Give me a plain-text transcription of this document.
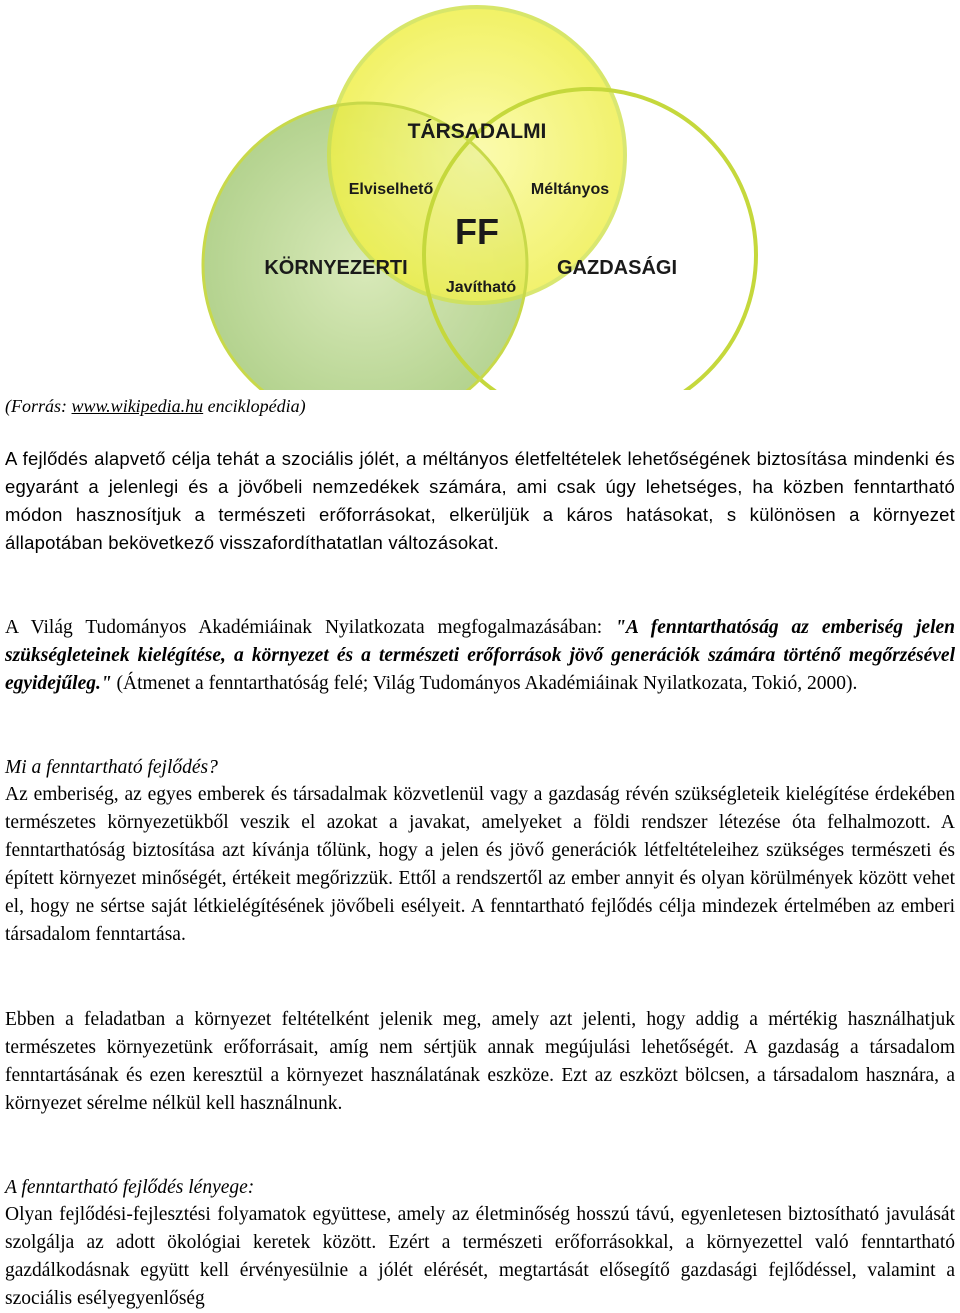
TÁRSADALMI
Elviselhető	Méltányos
FF
KÖRNYEZERTI	GAZDASÁGI
Javítható
(Forrás: www.wikipedia.hu enciklopédia)

A fejlődés alapvető célja tehát a szociális jólét, a méltányos életfeltételek lehetőségének biztosítása mindenki és egyaránt a jelenlegi és a jövőbeli nemzedékek számára, ami csak úgy lehetséges, ha közben fenntartható módon hasznosítjuk a természeti erőforrásokat, elkerüljük a káros hatásokat, s különösen a környezet állapotában bekövetkező visszafordíthatatlan változásokat.

A Világ Tudományos Akadémiáinak Nyilatkozata megfogalmazásában: "A fenntarthatóság az emberiség jelen szükségleteinek kielégítése, a környezet és a természeti erőforrások jövő generációk számára történő megőrzésével egyidejűleg." (Átmenet a fenntarthatóság felé; Világ Tudományos Akadémiáinak Nyilatkozata, Tokió, 2000).

Mi a fenntartható fejlődés?

Az emberiség, az egyes emberek és társadalmak közvetlenül vagy a gazdaság révén szükségleteik kielégítése érdekében természetes környezetükből veszik el azokat a javakat, amelyeket a földi rendszer létezése óta felhalmozott. A fenntarthatóság biztosítása azt kívánja tőlünk, hogy a jelen és jövő generációk létfeltételeihez szükséges természeti és épített környezet minőségét, értékeit megőrizzük. Ettől a rendszertől az ember annyit és olyan körülmények között vehet el, hogy ne sértse saját létkielégítésének jövőbeli esélyeit. A fenntartható fejlődés célja mindezek értelmében az emberi társadalom fenntartása.

Ebben a feladatban a környezet feltételként jelenik meg, amely azt jelenti, hogy addig a mértékig használhatjuk természetes környezetünk erőforrásait, amíg nem sértjük annak megújulási lehetőségét. A gazdaság a társadalom fenntartásának és ezen keresztül a környezet használatának eszköze. Ezt az eszközt bölcsen, a társadalom hasznára, a környezet sérelme nélkül kell használnunk.

A fenntartható fejlődés lényege:

Olyan fejlődési-fejlesztési folyamatok együttese, amely az életminőség hosszú távú, egyenletesen biztosítható javulását szolgálja az adott ökológiai keretek között. Ezért a természeti erőforrásokkal, a környezettel való fenntartható gazdálkodásnak együtt kell érvényesülnie a jólét elérését, megtartását elősegítő gazdasági fejlődéssel, valamint a szociális esélyegyenlőség
